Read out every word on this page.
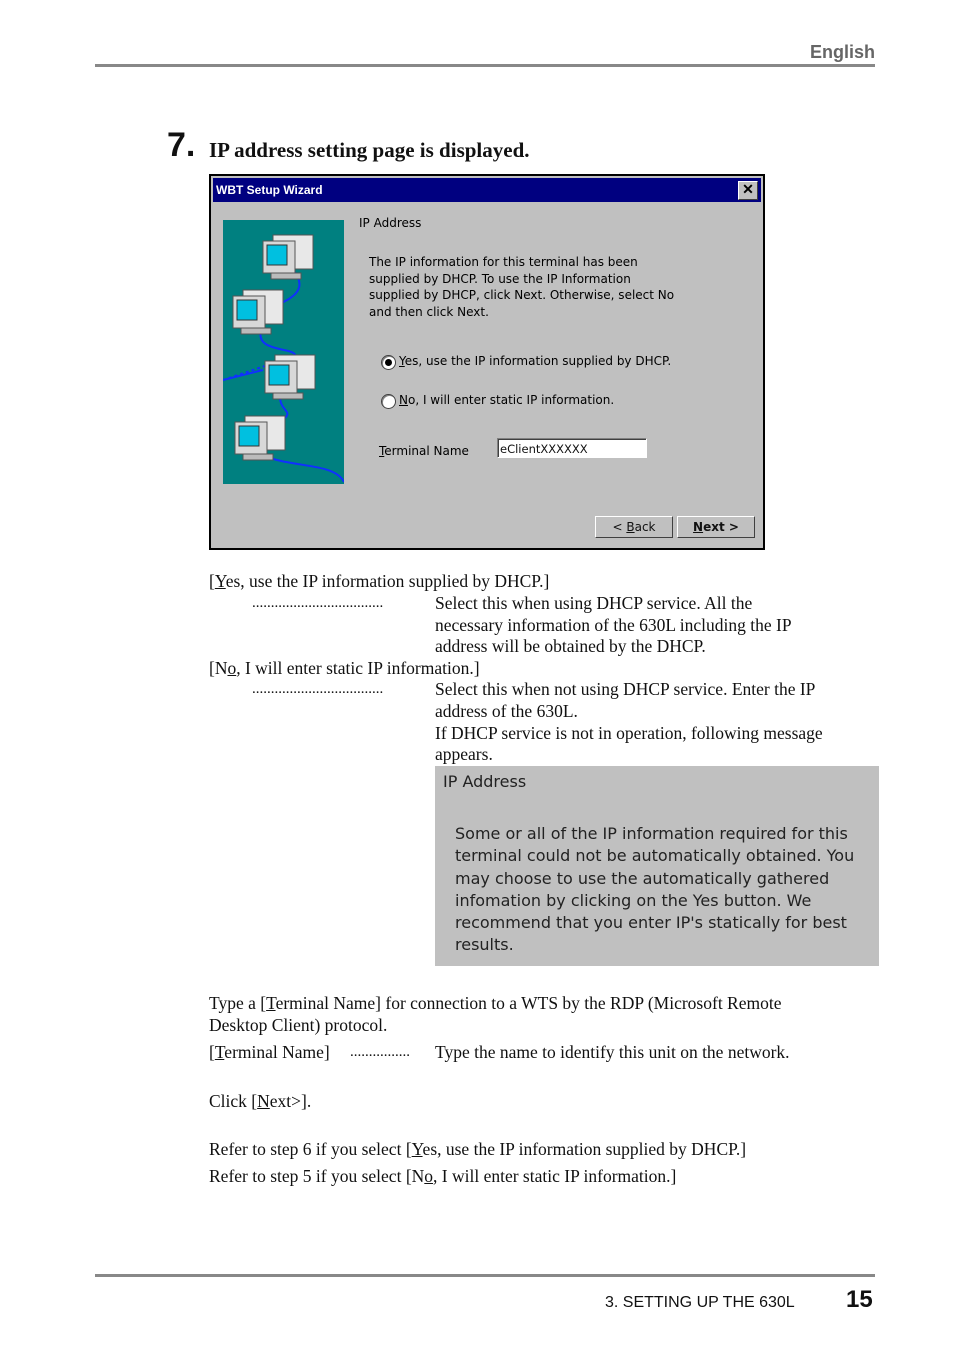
English
7. IP address setting page is displayed.
WBT Setup Wizard	✕
IP Address
The IP information for this terminal has been supplied by DHCP. To use the IP Information supplied by DHCP, click Next. Otherwise, select No and then click Next.
Yes, use the IP information supplied by DHCP.
No, I will enter static IP information.
Terminal Name	eClientXXXXXX
< Back	Next >
[Yes, use the IP information supplied by DHCP.]
...................................	Select this when using DHCP service. All the
necessary information of the 630L including the IP
address will be obtained by the DHCP.
[No, I will enter static IP information.]
...................................	Select this when not using DHCP service. Enter the IP
address of the 630L.
If DHCP service is not in operation, following message
appears.
IP Address
Some or all of the IP information required for this
terminal could not be automatically obtained. You
may choose to use the automatically gathered
infomation by clicking on the Yes button. We
recommend that you enter IP's statically for best
results.
Type a [Terminal Name] for connection to a WTS by the RDP (Microsoft Remote
Desktop Client) protocol.
[Terminal Name] ................ Type the name to identify this unit on the network.
Click [Next>].
Refer to step 6 if you select [Yes, use the IP information supplied by DHCP.]
Refer to step 5 if you select [No, I will enter static IP information.]
3. SETTING UP THE 630L 15
